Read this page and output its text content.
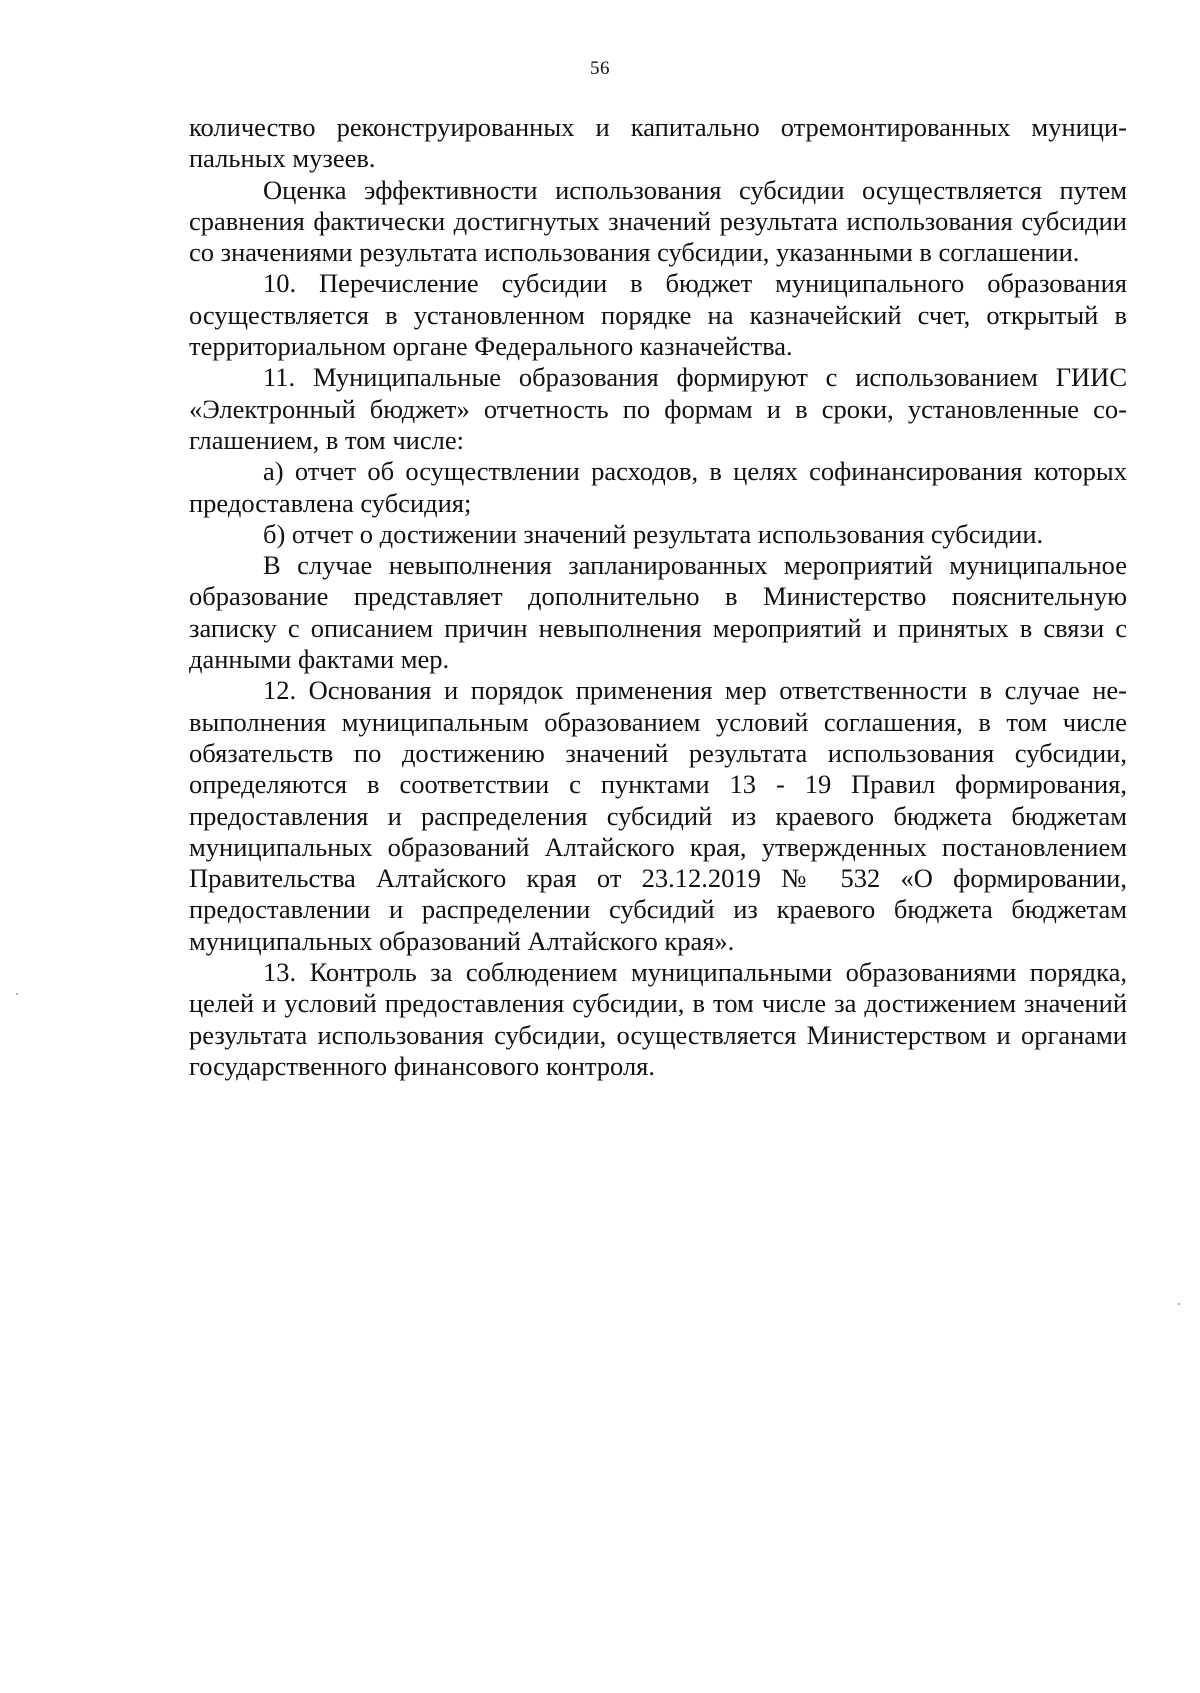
56

количество реконструированных и капитально отремонтированных муниципальных музеев.

Оценка эффективности использования субсидии осуществляется путем сравнения фактически достигнутых значений результата использования субсидии со значениями результата использования субсидии, указанными в соглашении.

10. Перечисление субсидии в бюджет муниципального образования осуществляется в установленном порядке на казначейский счет, открытый в территориальном органе Федерального казначейства.

11. Муниципальные образования формируют с использованием ГИИС «Электронный бюджет» отчетность по формам и в сроки, установленные соглашением, в том числе:

а) отчет об осуществлении расходов, в целях софинансирования которых предоставлена субсидия;

б) отчет о достижении значений результата использования субсидии.

В случае невыполнения запланированных мероприятий муниципальное образование представляет дополнительно в Министерство пояснительную записку с описанием причин невыполнения мероприятий и принятых в связи с данными фактами мер.

12. Основания и порядок применения мер ответственности в случае невыполнения муниципальным образованием условий соглашения, в том числе обязательств по достижению значений результата использования субсидии, определяются в соответствии с пунктами 13 - 19 Правил формирования, предоставления и распределения субсидий из краевого бюджета бюджетам муниципальных образований Алтайского края, утвержденных постановлением Правительства Алтайского края от 23.12.2019 № 532 «О формировании, предоставлении и распределении субсидий из краевого бюджета бюджетам муниципальных образований Алтайского края».

13. Контроль за соблюдением муниципальными образованиями порядка, целей и условий предоставления субсидии, в том числе за достижением значений результата использования субсидии, осуществляется Министерством и органами государственного финансового контроля.
